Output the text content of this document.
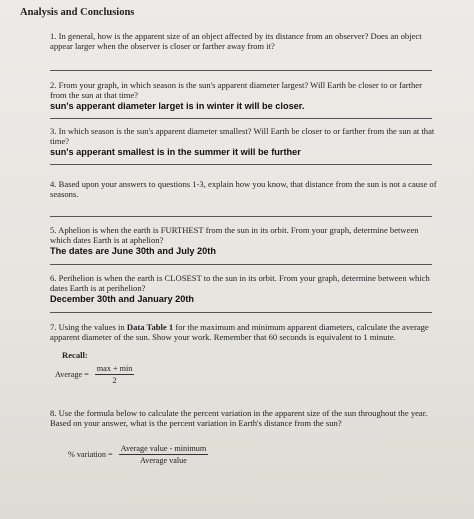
Analysis and Conclusions
1. In general, how is the apparent size of an object affected by its distance from an observer? Does an object appear larger when the observer is closer or farther away from it?
2. From your graph, in which season is the sun's apparent diameter largest? Will Earth be closer to or farther from the sun at that time?
sun's apperant diameter larget is in winter it will be closer.
3. In which season is the sun's apparent diameter smallest? Will Earth be closer to or farther from the sun at that time?
sun's apperant smallest is in the summer it will be further
4. Based upon your answers to questions 1-3, explain how you know, that distance from the sun is not a cause of seasons.
5. Aphelion is when the earth is FURTHEST from the sun in its orbit. From your graph, determine between which dates Earth is at aphelion?
The dates are June 30th and July 20th
6. Perihelion is when the earth is CLOSEST to the sun in its orbit. From your graph, determine between which dates Earth is at perihelion?
December 30th and January 20th
7. Using the values in Data Table 1 for the maximum and minimum apparent diameters, calculate the average apparent diameter of the sun. Show your work. Remember that 60 seconds is equivalent to 1 minute.
Recall:
Average = $\frac{\max + \min}{2}$
8. Use the formula below to calculate the percent variation in the apparent size of the sun throughout the year. Based on your answer, what is the percent variation in Earth's distance from the sun?
% variation = $\frac{\text{Average value - minimum}}{\text{Average value}}$
